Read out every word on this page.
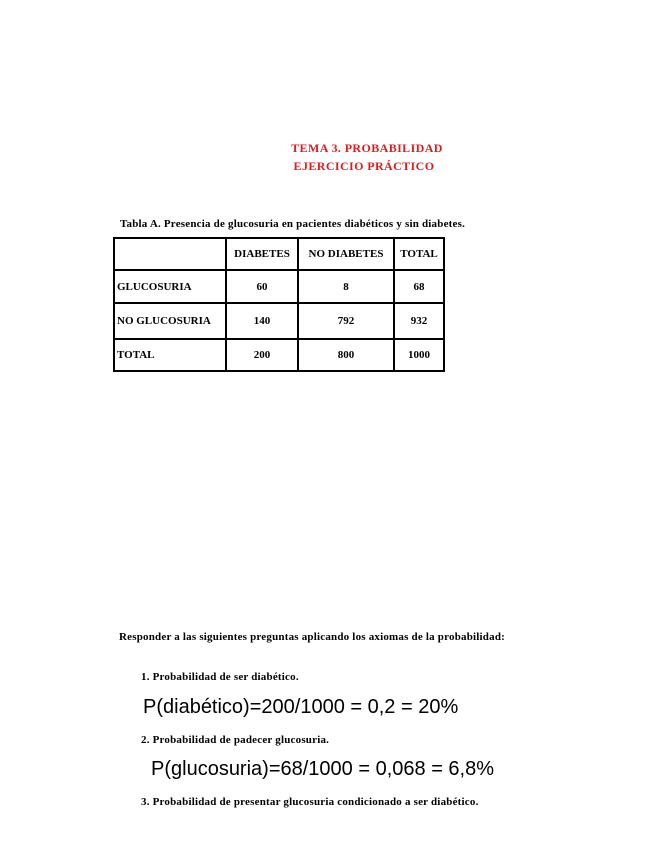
TEMA 3. PROBABILIDAD
EJERCICIO PRÁCTICO
Tabla A. Presencia de glucosuria en pacientes diabéticos y sin diabetes.
	DIABETES	NO DIABETES	TOTAL
GLUCOSURIA	60	8	68
NO GLUCOSURIA	140	792	932
TOTAL	200	800	1000
Responder a las siguientes preguntas aplicando los axiomas de la probabilidad:
1. Probabilidad de ser diabético.
P(diabético)=200/1000 = 0,2 = 20%
2. Probabilidad de padecer glucosuria.
P(glucosuria)=68/1000 = 0,068 = 6,8%
3. Probabilidad de presentar glucosuria condicionado a ser diabético.
